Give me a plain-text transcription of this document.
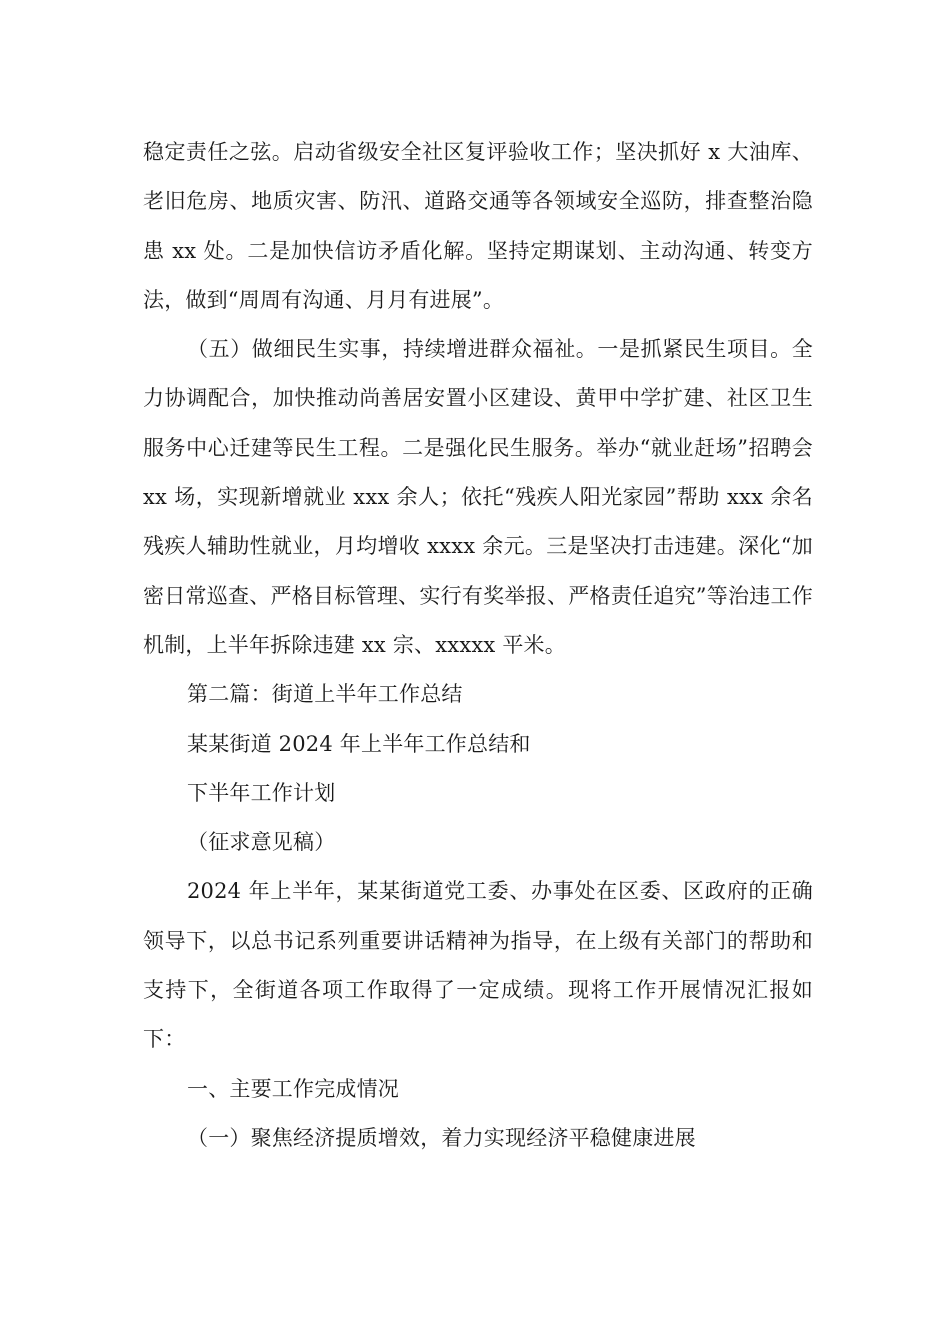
稳定责任之弦。启动省级安全社区复评验收工作；坚决抓好 x 大油库、老旧危房、地质灾害、防汛、道路交通等各领域安全巡防，排查整治隐患 xx 处。二是加快信访矛盾化解。坚持定期谋划、主动沟通、转变方法，做到“周周有沟通、月月有进展”。

（五）做细民生实事，持续增进群众福祉。一是抓紧民生项目。全力协调配合，加快推动尚善居安置小区建设、黄甲中学扩建、社区卫生服务中心迁建等民生工程。二是强化民生服务。举办“就业赶场”招聘会 xx 场，实现新增就业 xxx 余人；依托“残疾人阳光家园”帮助 xxx 余名残疾人辅助性就业，月均增收 xxxx 余元。三是坚决打击违建。深化“加密日常巡查、严格目标管理、实行有奖举报、严格责任追究”等治违工作机制，上半年拆除违建 xx 宗、xxxxx 平米。

第二篇：街道上半年工作总结

某某街道 2024 年上半年工作总结和

下半年工作计划

（征求意见稿）

2024 年上半年，某某街道党工委、办事处在区委、区政府的正确领导下，以总书记系列重要讲话精神为指导，在上级有关部门的帮助和支持下，全街道各项工作取得了一定成绩。现将工作开展情况汇报如下：

一、主要工作完成情况

（一）聚焦经济提质增效，着力实现经济平稳健康进展
